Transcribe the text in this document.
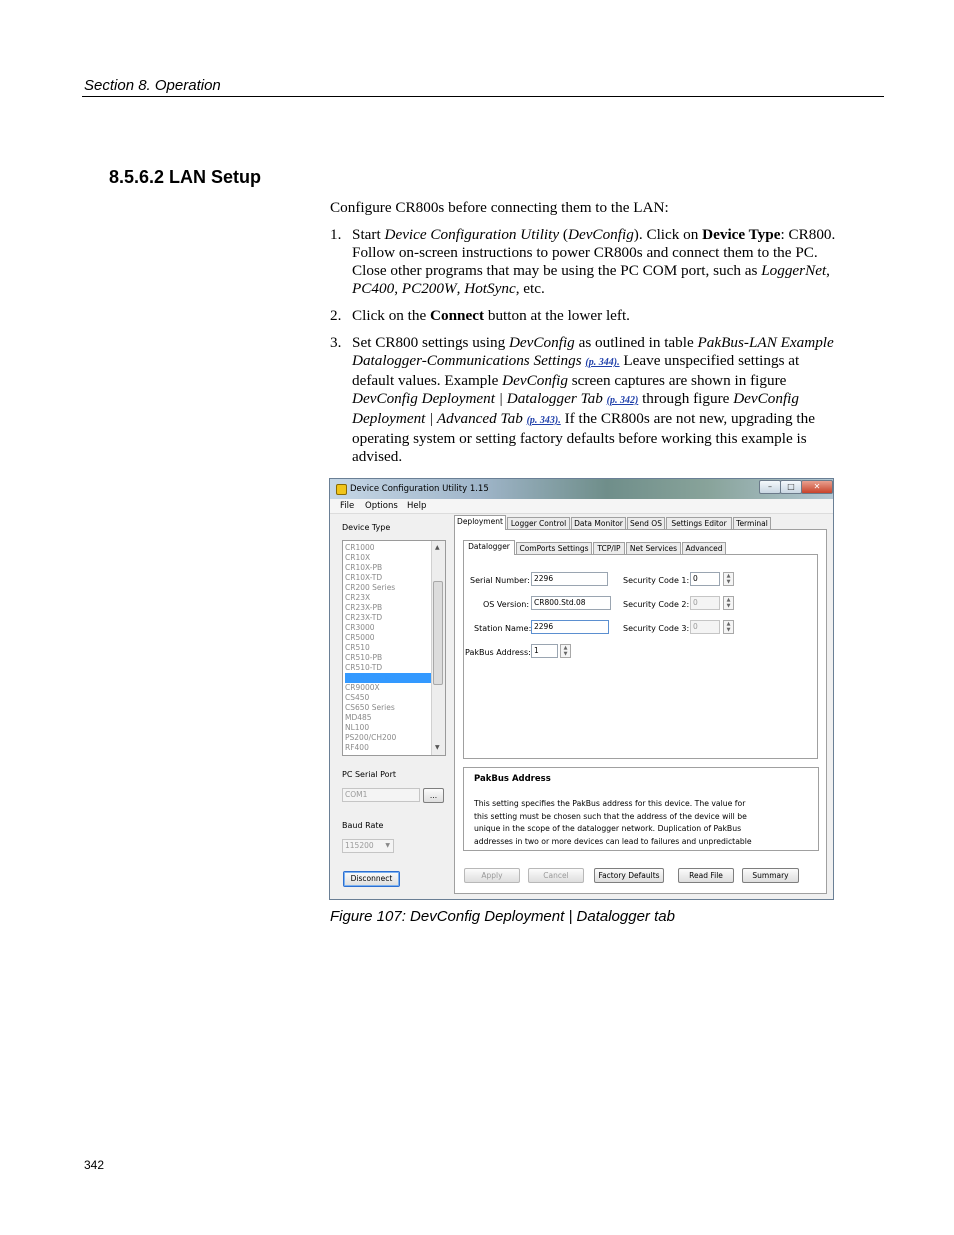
Section 8. Operation
8.5.6.2 LAN Setup
Configure CR800s before connecting them to the LAN:
1. Start Device Configuration Utility (DevConfig). Click on Device Type: CR800. Follow on-screen instructions to power CR800s and connect them to the PC. Close other programs that may be using the PC COM port, such as LoggerNet, PC400, PC200W, HotSync, etc.
2. Click on the Connect button at the lower left.
3. Set CR800 settings using DevConfig as outlined in table PakBus-LAN Example Datalogger-Communications Settings (p. 344). Leave unspecified settings at default values. Example DevConfig screen captures are shown in figure DevConfig Deployment | Datalogger Tab (p. 342) through figure DevConfig Deployment | Advanced Tab (p. 343). If the CR800s are not new, upgrading the operating system or setting factory defaults before working this example is advised.
Device Configuration Utility 1.15	–	□	✕
File Options Help
Device Type
▲
▼
CR1000
CR10X
CR10X-PB
CR10X-TD
CR200 Series
CR23X
CR23X-PB
CR23X-TD
CR3000
CR5000
CR510
CR510-PB
CR510-TD
CR800 Series
CR9000X
CS450
CS650 Series
MD485
NL100
PS200/CH200
RF400
PC Serial Port
COM1	...
Baud Rate
115200 ▼
Disconnect
Deployment	Logger Control	Data Monitor Send OS	Settings Editor	Terminal
Datalogger	ComPorts Settings	TCP/IP	Net Services	Advanced
Serial Number: 2296
OS Version: CR800.Std.08
Station Name: 2296
PakBus Address: 1	▲
▼
Security Code 1: 0	▲
▼
Security Code 2: 0	▲
▼
Security Code 3: 0	▲
▼
PakBus Address
This setting specifies the PakBus address for this device. The value for
this setting must be chosen such that the address of the device will be
unique in the scope of the datalogger network. Duplication of PakBus
addresses in two or more devices can lead to failures and unpredictable
Apply	Cancel	Factory Defaults	Read File	Summary
Figure 107: DevConfig Deployment | Datalogger tab
342
